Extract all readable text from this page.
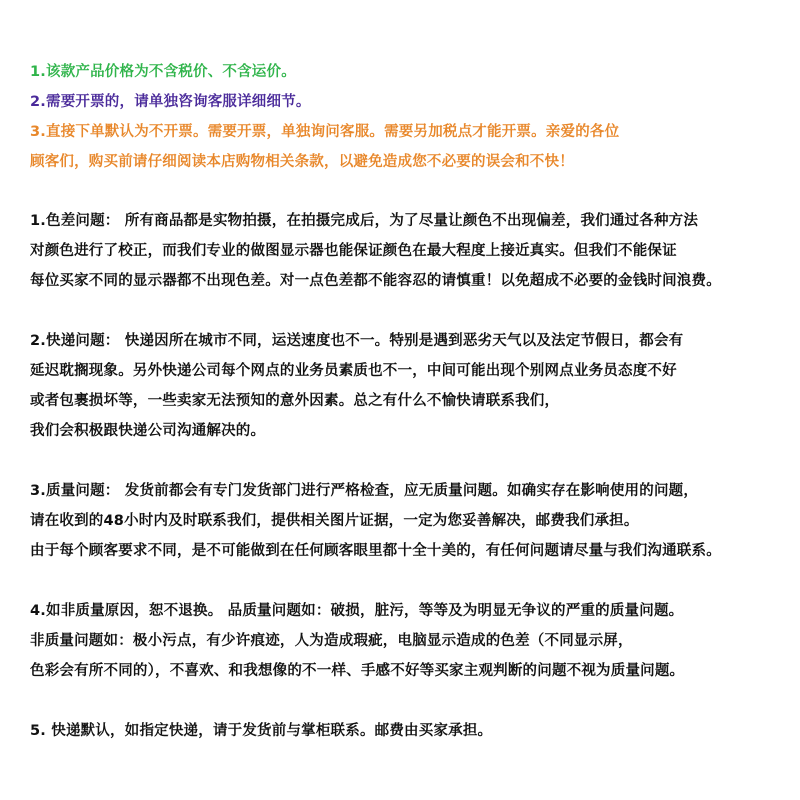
1.该款产品价格为不含税价、不含运价。
2.需要开票的，请单独咨询客服详细细节。
3.直接下单默认为不开票。需要开票，单独询问客服。需要另加税点才能开票。亲爱的各位
顾客们，购买前请仔细阅读本店购物相关条款，以避免造成您不必要的误会和不快！
1.色差问题： 所有商品都是实物拍摄，在拍摄完成后，为了尽量让颜色不出现偏差，我们通过各种方法
对颜色进行了校正，而我们专业的做图显示器也能保证颜色在最大程度上接近真实。但我们不能保证
每位买家不同的显示器都不出现色差。对一点色差都不能容忍的请慎重！以免超成不必要的金钱时间浪费。
2.快递问题： 快递因所在城市不同，运送速度也不一。特别是遇到恶劣天气以及法定节假日，都会有
延迟耽搁现象。另外快递公司每个网点的业务员素质也不一，中间可能出现个别网点业务员态度不好
或者包裹损坏等，一些卖家无法预知的意外因素。总之有什么不愉快请联系我们，
我们会积极跟快递公司沟通解决的。
3.质量问题： 发货前都会有专门发货部门进行严格检查，应无质量问题。如确实存在影响使用的问题，
请在收到的48小时内及时联系我们，提供相关图片证据，一定为您妥善解决，邮费我们承担。
由于每个顾客要求不同，是不可能做到在任何顾客眼里都十全十美的，有任何问题请尽量与我们沟通联系。
4.如非质量原因，恕不退换。 品质量问题如：破损，脏污，等等及为明显无争议的严重的质量问题。
非质量问题如：极小污点，有少许痕迹，人为造成瑕疵，电脑显示造成的色差（不同显示屏，
色彩会有所不同的），不喜欢、和我想像的不一样、手感不好等买家主观判断的问题不视为质量问题。
5. 快递默认，如指定快递，请于发货前与掌柜联系。邮费由买家承担。
